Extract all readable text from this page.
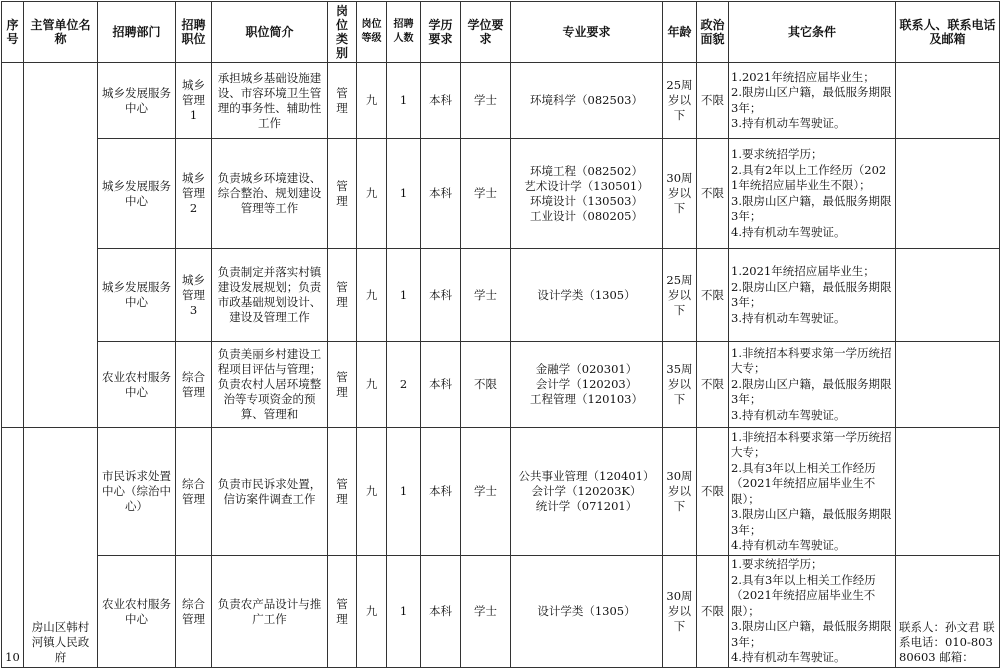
序号	主管单位名称	招聘部门	招聘职位	职位简介	岗位类别	岗位等级	招聘人数	学历要求	学位要求	专业要求	年龄	政治面貌	其它条件	联系人、联系电话及邮箱
		城乡发展服务中心	城乡管理1	承担城乡基础设施建设、市容环境卫生管理的事务性、辅助性工作	管理	九	1	本科	学士	环境科学（082503）	25周岁以下	不限	1.2021年统招应届毕业生；
2.限房山区户籍，最低服务期限3年；
3.持有机动车驾驶证。	

		城乡发展服务中心	城乡管理2	负责城乡环境建设、综合整治、规划建设管理等工作	管理	九	1	本科	学士	环境工程（082502）
艺术设计学（130501）
环境设计（130503）
工业设计（080205）	30周岁以下	不限	1.要求统招学历；
2.具有2年以上工作经历（2021年统招应届毕业生不限）；
3.限房山区户籍，最低服务期限3年；
4.持有机动车驾驶证。	

		城乡发展服务中心	城乡管理3	负责制定并落实村镇建设发展规划；负责市政基础规划设计、建设及管理工作	管理	九	1	本科	学士	设计学类（1305）	25周岁以下	不限	1.2021年统招应届毕业生；
2.限房山区户籍，最低服务期限3年；
3.持有机动车驾驶证。	

		农业农村服务中心	综合管理	负责美丽乡村建设工程项目评估与管理；负责农村人居环境整治等专项资金的预算、管理和	管理	九	2	本科	不限	金融学（020301）
会计学（120203）
工程管理（120103）	35周岁以下	不限	1.非统招本科要求第一学历统招大专；
2.限房山区户籍，最低服务期限3年；
3.持有机动车驾驶证。	

10	房山区韩村河镇人民政府	市民诉求处置中心（综治中心）	综合管理	负责市民诉求处置，信访案件调查工作	管理	九	1	本科	学士	公共事业管理（120401）
会计学（120203K）
统计学（071201）	30周岁以下	不限	1.非统招本科要求第一学历统招大专；
2.具有3年以上相关工作经历（2021年统招应届毕业生不限）；
3.限房山区户籍，最低服务期限3年；
4.持有机动车驾驶证。	

		农业农村服务中心	综合管理	负责农产品设计与推广工作	管理	九	1	本科	学士	设计学类（1305）	30周岁以下	不限	1.要求统招学历；
2.具有3年以上相关工作经历（2021年统招应届毕业生不限）；
3.限房山区户籍，最低服务期限3年；
4.持有机动车驾驶证。	联系人：孙文君 联系电话：010-80380603 邮箱：
